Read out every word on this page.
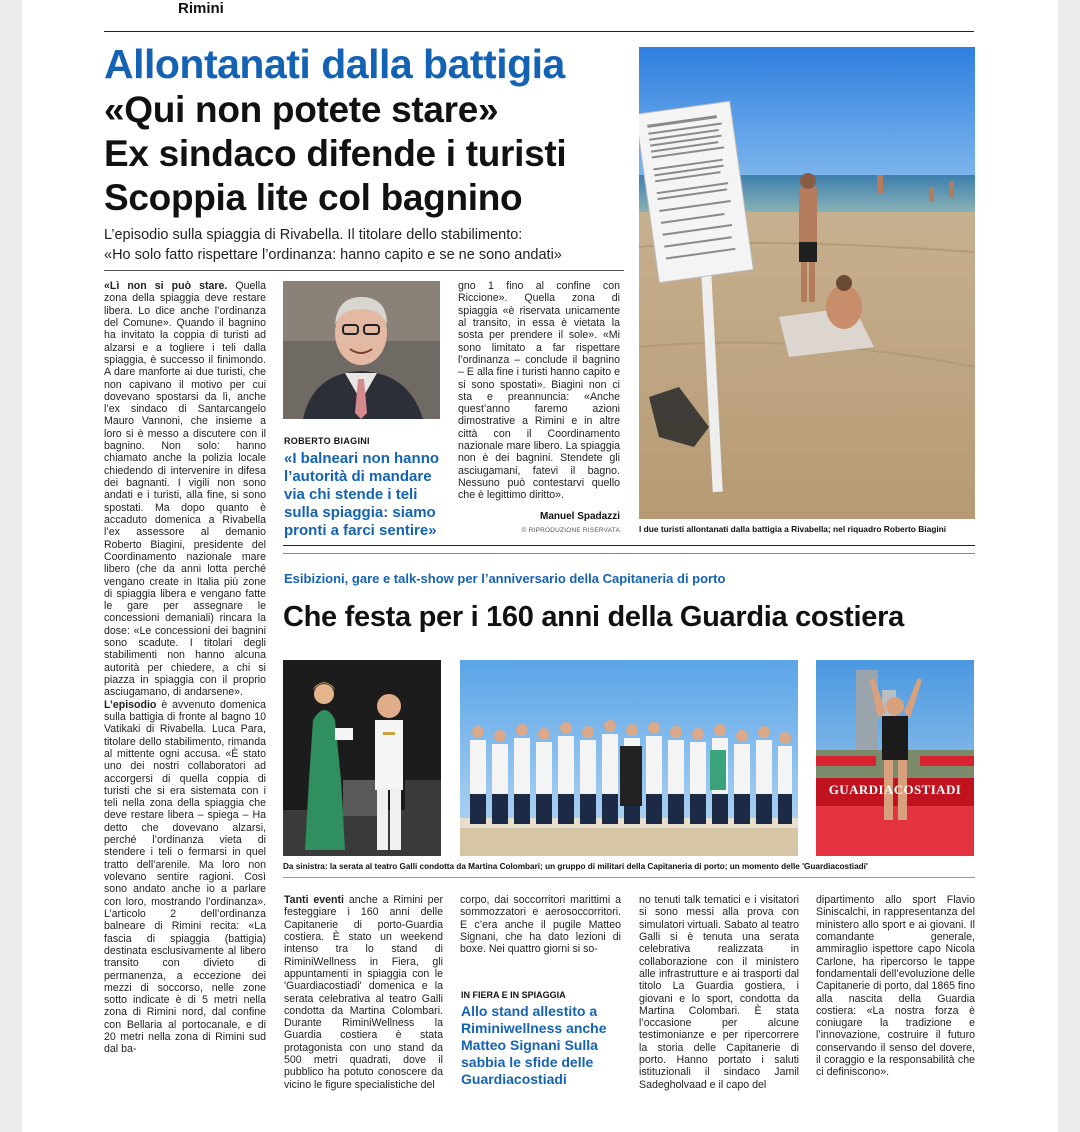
Rimini
Allontanati dalla battigia
«Qui non potete stare»
Ex sindaco difende i turisti
Scoppia lite col bagnino
L’episodio sulla spiaggia di Rivabella. Il titolare dello stabilimento:
«Ho solo fatto rispettare l’ordinanza: hanno capito e se ne sono andati»

«Lì non si può stare. Quella zona della spiaggia deve restare libera. Lo dice anche l’ordinanza del Comune». Quando il bagnino ha invitato la coppia di turisti ad alzarsi e a togliere i teli dalla spiaggia, è successo il finimondo. A dare manforte ai due turisti, che non capivano il motivo per cui dovevano spostarsi da lì, anche l’ex sindaco di Santarcangelo Mauro Vannoni, che insieme a loro si è messo a discutere con il bagnino. Non solo: hanno chiamato anche la polizia locale chiedendo di intervenire in difesa dei bagnanti. I vigili non sono andati e i turisti, alla fine, si sono spostati. Ma dopo quanto è accaduto domenica a Rivabella l’ex assessore al demanio Roberto Biagini, presidente del Coordinamento nazionale mare libero (che da anni lotta perché vengano create in Italia più zone di spiaggia libera e vengano fatte le gare per assegnare le concessioni demaniali) rincara la dose: «Le concessioni dei bagnini sono scadute. I titolari degli stabilimenti non hanno alcuna autorità per chiedere, a chi si piazza in spiaggia con il proprio asciugamano, di andarsene».

L’episodio è avvenuto domenica sulla battigia di fronte al bagno 10 Vatikaki di Rivabella. Luca Para, titolare dello stabilimento, rimanda al mittente ogni accusa. «È stato uno dei nostri collaboratori ad accorgersi di quella coppia di turisti che si era sistemata con i teli nella zona della spiaggia che deve restare libera – spiega – Ha detto che dovevano alzarsi, perché l’ordinanza vieta di stendere i teli o fermarsi in quel tratto dell’arenile. Ma loro non volevano sentire ragioni. Così sono andato anche io a parlare con loro, mostrando l’ordinanza». L’articolo 2 dell’ordinanza balneare di Rimini recita: «La fascia di spiaggia (battigia) destinata esclusivamente al libero transito con divieto di permanenza, a eccezione dei mezzi di soccorso, nelle zone sotto indicate è di 5 metri nella zona di Rimini nord, dal confine con Bellaria al portocanale, e di 20 metri nella zona di Rimini sud dal ba-

ROBERTO BIAGINI
«I balneari non hanno l’autorità di mandare via chi stende i teli sulla spiaggia: siamo pronti a farci sentire»

gno 1 fino al confine con Riccione». Quella zona di spiaggia «è riservata unicamente al transito, in essa è vietata la sosta per prendere il sole». «Mi sono limitato a far rispettare l’ordinanza – conclude il bagnino – E alla fine i turisti hanno capito e si sono spostati». Biagini non ci sta e preannuncia: «Anche quest’anno faremo azioni dimostrative a Rimini e in altre città con il Coordinamento nazionale mare libero. La spiaggia non è dei bagnini. Stendete gli asciugamani, fatevi il bagno. Nessuno può contestarvi quello che è legittimo diritto».

Manuel Spadazzi
© RIPRODUZIONE RISERVATA I due turisti allontanati dalla battigia a Rivabella; nel riquadro Roberto Biagini
Esibizioni, gare e talk-show per l’anniversario della Capitaneria di porto
Che festa per i 160 anni della Guardia costiera
GUARDIACOSTIADI
Da sinistra: la serata al teatro Galli condotta da Martina Colombari; un gruppo di militari della Capitaneria di porto; un momento delle 'Guardiacostiadi'

Tanti eventi anche a Rimini per festeggiare i 160 anni delle Capitanerie di porto-Guardia costiera. È stato un weekend intenso tra lo stand di RiminiWellness in Fiera, gli appuntamenti in spiaggia con le 'Guardiacostiadi' domenica e la serata celebrativa al teatro Galli condotta da Martina Colombari. Durante RiminiWellness la Guardia costiera è stata protagonista con uno stand da 500 metri quadrati, dove il pubblico ha potuto conoscere da vicino le figure specialistiche del

corpo, dai soccorritori marittimi a sommozzatori e aerosoccorritori. E c’era anche il pugile Matteo Signani, che ha dato lezioni di boxe. Nei quattro giorni si so-

IN FIERA E IN SPIAGGIA
Allo stand allestito a Riminiwellness anche Matteo Signani Sulla sabbia le sfide delle Guardiacostiadi

no tenuti talk tematici e i visitatori si sono messi alla prova con simulatori virtuali. Sabato al teatro Galli si è tenuta una serata celebrativa realizzata in collaborazione con il ministero alle infrastrutture e ai trasporti dal titolo La Guardia gostiera, i giovani e lo sport, condotta da Martina Colombari. È stata l’occasione per alcune testimonianze e per ripercorrere la storia delle Capitanerie di porto. Hanno portato i saluti istituzionali il sindaco Jamil Sadegholvaad e il capo del

dipartimento allo sport Flavio Siniscalchi, in rappresentanza del ministero allo sport e ai giovani. Il comandante generale, ammiraglio ispettore capo Nicola Carlone, ha ripercorso le tappe fondamentali dell’evoluzione delle Capitanerie di porto, dal 1865 fino alla nascita della Guardia costiera: «La nostra forza è coniugare la tradizione e l’innovazione, costruire il futuro conservando il senso del dovere, il coraggio e la responsabilità che ci definiscono».
